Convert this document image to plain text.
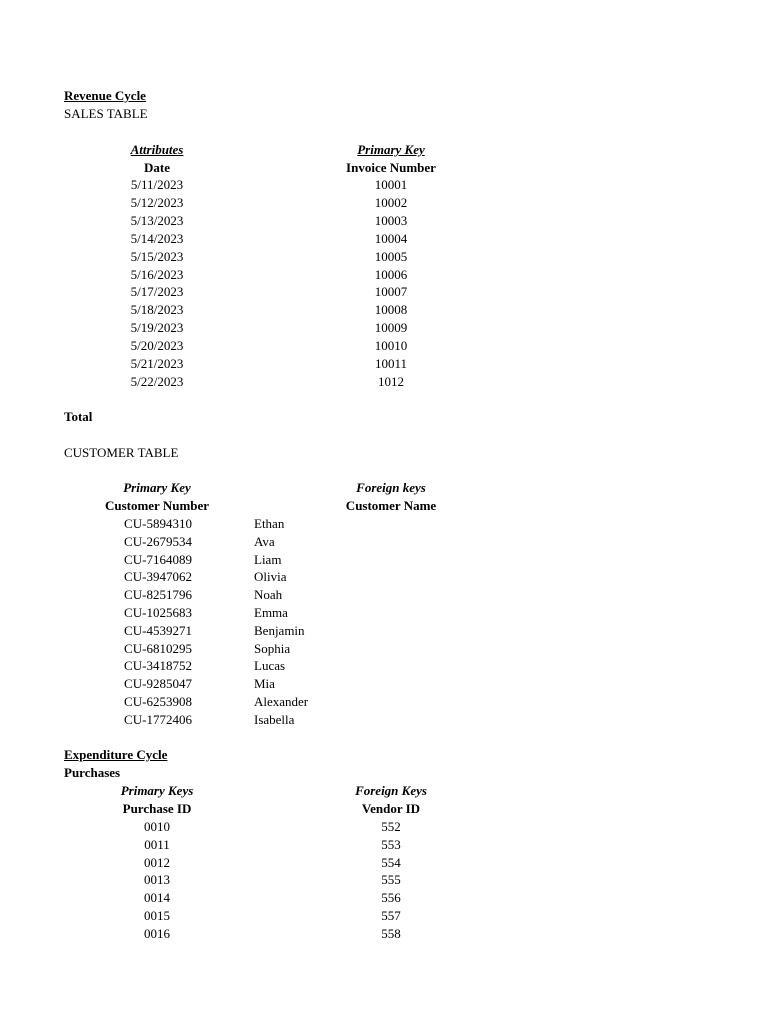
Revenue Cycle
SALES TABLE
Attributes	Primary Key
Date	Invoice Number
5/11/2023	10001
5/12/2023	10002
5/13/2023	10003
5/14/2023	10004
5/15/2023	10005
5/16/2023	10006
5/17/2023	10007
5/18/2023	10008
5/19/2023	10009
5/20/2023	10010
5/21/2023	10011
5/22/2023	1012
Total
CUSTOMER TABLE
Primary Key	Foreign keys
Customer Number	Customer Name
CU-5894310	Ethan
CU-2679534	Ava
CU-7164089	Liam
CU-3947062	Olivia
CU-8251796	Noah
CU-1025683	Emma
CU-4539271	Benjamin
CU-6810295	Sophia
CU-3418752	Lucas
CU-9285047	Mia
CU-6253908	Alexander
CU-1772406	Isabella
Expenditure Cycle
Purchases
Primary Keys	Foreign Keys
Purchase ID	Vendor ID
0010	552
0011	553
0012	554
0013	555
0014	556
0015	557
0016	558
